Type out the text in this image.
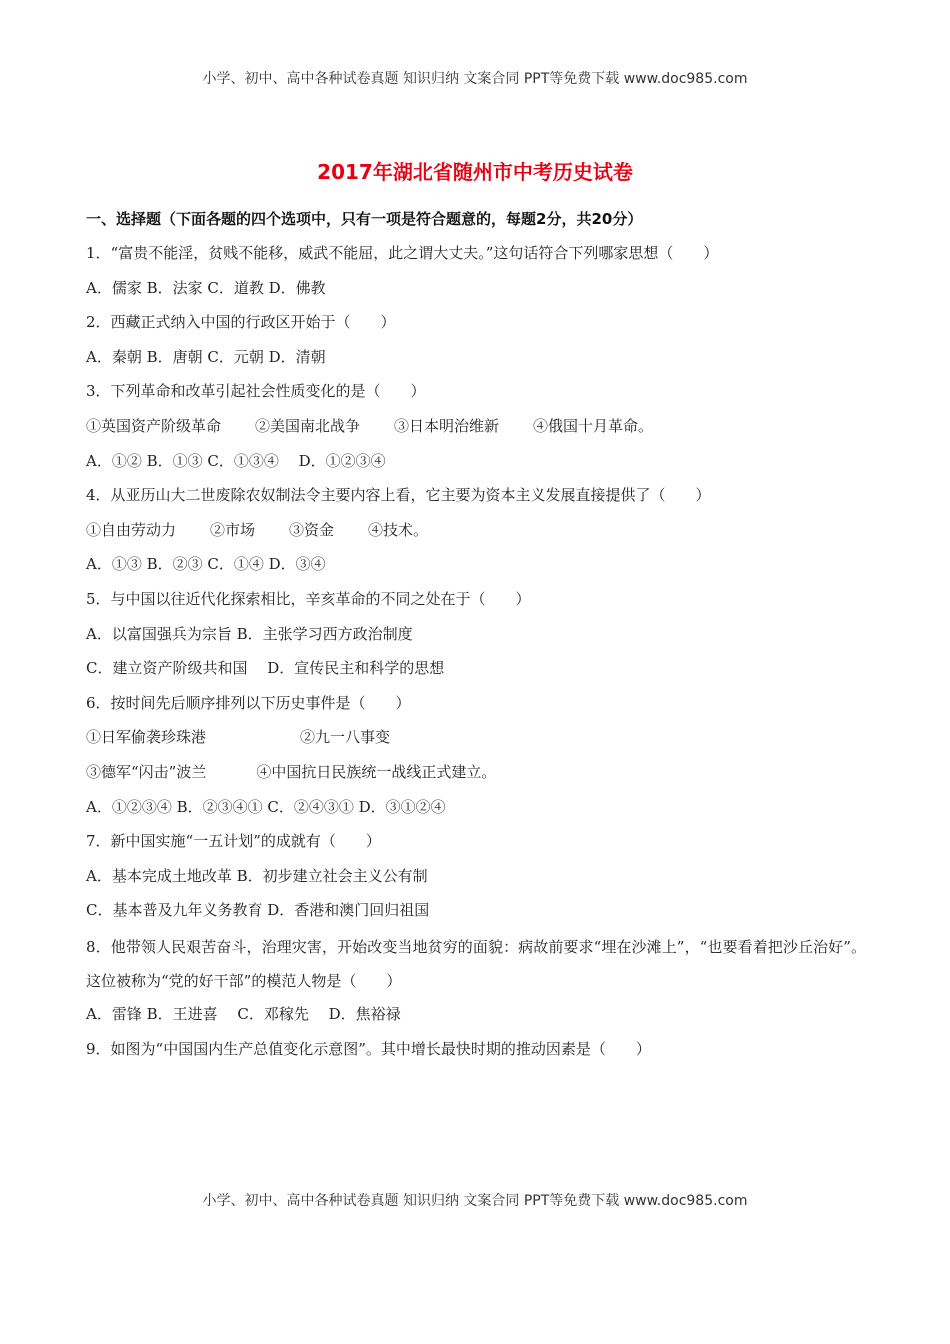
小学、初中、高中各种试卷真题 知识归纳 文案合同 PPT等免费下载 www.doc985.com
2017年湖北省随州市中考历史试卷
一、选择题（下面各题的四个选项中，只有一项是符合题意的，每题2分，共20分）
1．“富贵不能淫，贫贱不能移，威武不能屈，此之谓大丈夫。”这句话符合下列哪家思想（　　）
A．儒家 B．法家 C．道教 D．佛教
2．西藏正式纳入中国的行政区开始于（　　）
A．秦朝 B．唐朝 C．元朝 D．清朝
3．下列革命和改革引起社会性质变化的是（　　）
①英国资产阶级革命 ②美国南北战争 ③日本明治维新 ④俄国十月革命。
A．①② B．①③ C．①③④　 D．①②③④
4．从亚历山大二世废除农奴制法令主要内容上看，它主要为资本主义发展直接提供了（　　）
①自由劳动力 ②市场 ③资金 ④技术。
A．①③ B．②③ C．①④ D．③④
5．与中国以往近代化探索相比，辛亥革命的不同之处在于（　　）
A．以富国强兵为宗旨 B．主张学习西方政治制度
C．建立资产阶级共和国　 D．宣传民主和科学的思想
6．按时间先后顺序排列以下历史事件是（　　）
①日军偷袭珍珠港	②九一八事变
③德军“闪击”波兰	④中国抗日民族统一战线正式建立。
A．①②③④ B．②③④① C．②④③① D．③①②④
7．新中国实施“一五计划”的成就有（　　）
A．基本完成土地改革 B．初步建立社会主义公有制
C．基本普及九年义务教育 D．香港和澳门回归祖国
8．他带领人民艰苦奋斗，治理灾害，开始改变当地贫穷的面貌：病故前要求“埋在沙滩上”，“也要看着把沙丘治好”。这位被称为“党的好干部”的模范人物是（　　）
A．雷锋 B．王进喜　 C．邓稼先　 D．焦裕禄
9．如图为“中国国内生产总值变化示意图”。其中增长最快时期的推动因素是（　　）
小学、初中、高中各种试卷真题 知识归纳 文案合同 PPT等免费下载 www.doc985.com
